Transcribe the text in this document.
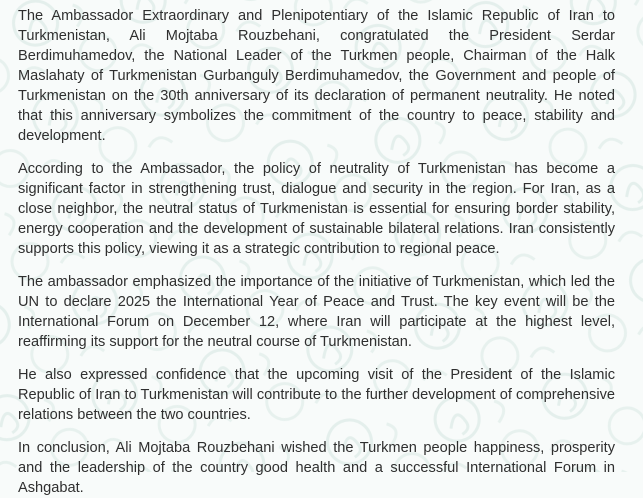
The Ambassador Extraordinary and Plenipotentiary of the Islamic Republic of Iran to Turkmenistan, Ali Mojtaba Rouzbehani, congratulated the President Serdar Berdimuhamedov, the National Leader of the Turkmen people, Chairman of the Halk Maslahaty of Turkmenistan Gurbanguly Berdimuhamedov, the Government and people of Turkmenistan on the 30th anniversary of its declaration of permanent neutrality. He noted that this anniversary symbolizes the commitment of the country to peace, stability and development.

According to the Ambassador, the policy of neutrality of Turkmenistan has become a significant factor in strengthening trust, dialogue and security in the region. For Iran, as a close neighbor, the neutral status of Turkmenistan is essential for ensuring border stability, energy cooperation and the development of sustainable bilateral relations. Iran consistently supports this policy, viewing it as a strategic contribution to regional peace.

The ambassador emphasized the importance of the initiative of Turkmenistan, which led the UN to declare 2025 the International Year of Peace and Trust. The key event will be the International Forum on December 12, where Iran will participate at the highest level, reaffirming its support for the neutral course of Turkmenistan.

He also expressed confidence that the upcoming visit of the President of the Islamic Republic of Iran to Turkmenistan will contribute to the further development of comprehensive relations between the two countries.

In conclusion, Ali Mojtaba Rouzbehani wished the Turkmen people happiness, prosperity and the leadership of the country good health and a successful International Forum in Ashgabat.
